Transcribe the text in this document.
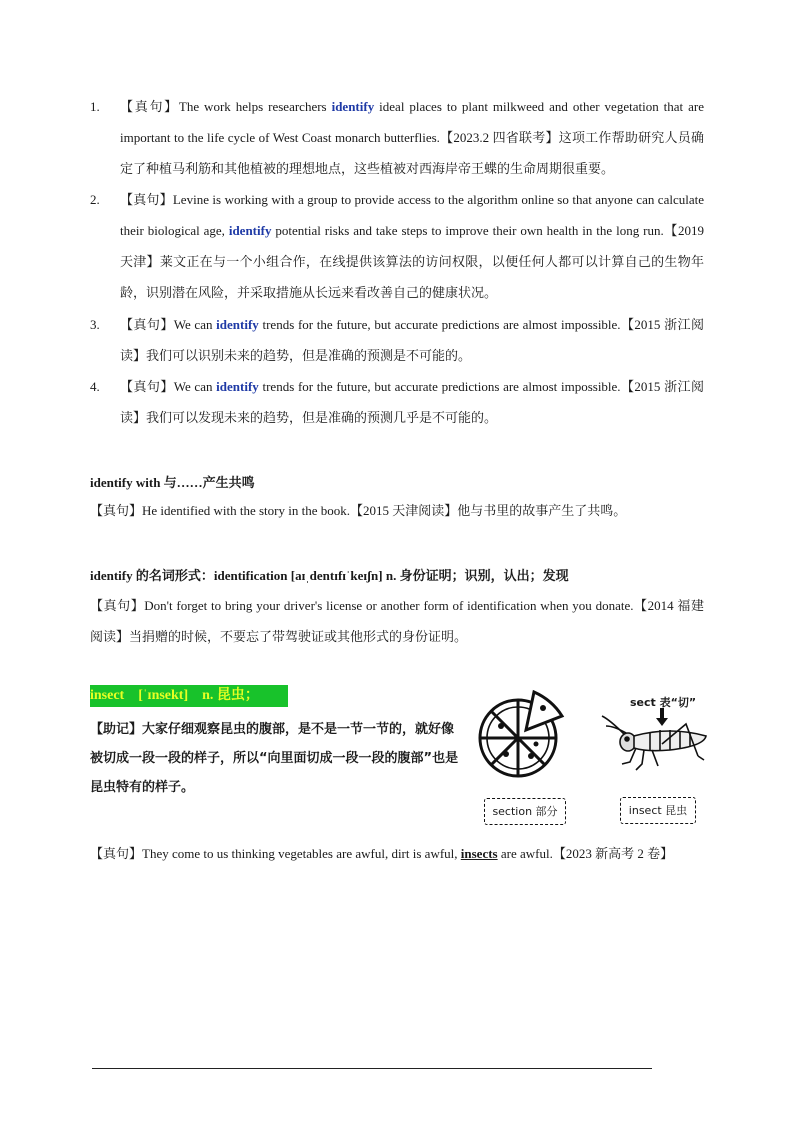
1.	【真句】The work helps researchers identify ideal places to plant milkweed and other vegetation that are important to the life cycle of West Coast monarch butterflies.【2023.2 四省联考】这项工作帮助研究人员确定了种植马利筋和其他植被的理想地点，这些植被对西海岸帝王蝶的生命周期很重要。
2.	【真句】Levine is working with a group to provide access to the algorithm online so that anyone can calculate their biological age, identify potential risks and take steps to improve their own health in the long run.【2019 天津】莱文正在与一个小组合作，在线提供该算法的访问权限，以便任何人都可以计算自己的生物年龄，识别潜在风险，并采取措施从长远来看改善自己的健康状况。
3.	【真句】We can identify trends for the future, but accurate predictions are almost impossible.【2015 浙江阅读】我们可以识别未来的趋势，但是准确的预测是不可能的。
4.	【真句】We can identify trends for the future, but accurate predictions are almost impossible.【2015 浙江阅读】我们可以发现未来的趋势，但是准确的预测几乎是不可能的。
identify with 与……产生共鸣
【真句】He identified with the story in the book.【2015 天津阅读】他与书里的故事产生了共鸣。
identify 的名词形式：identification [aɪˌdentɪfɪˈkeɪʃn] n. 身份证明；识别，认出；发现
【真句】Don't forget to bring your driver's license or another form of identification when you donate.【2014 福建阅读】当捐赠的时候，不要忘了带驾驶证或其他形式的身份证明。
insect    [ˈɪnsekt]    n. 昆虫；
【助记】大家仔细观察昆虫的腹部，是不是一节一节的，就好像被切成一段一段的样子，所以“向里面切成一段一段的腹部”也是昆虫特有的样子。
sect 表“切”
section 部分	insect 昆虫
【真句】They come to us thinking vegetables are awful, dirt is awful, insects are awful.【2023 新高考 2 卷】
